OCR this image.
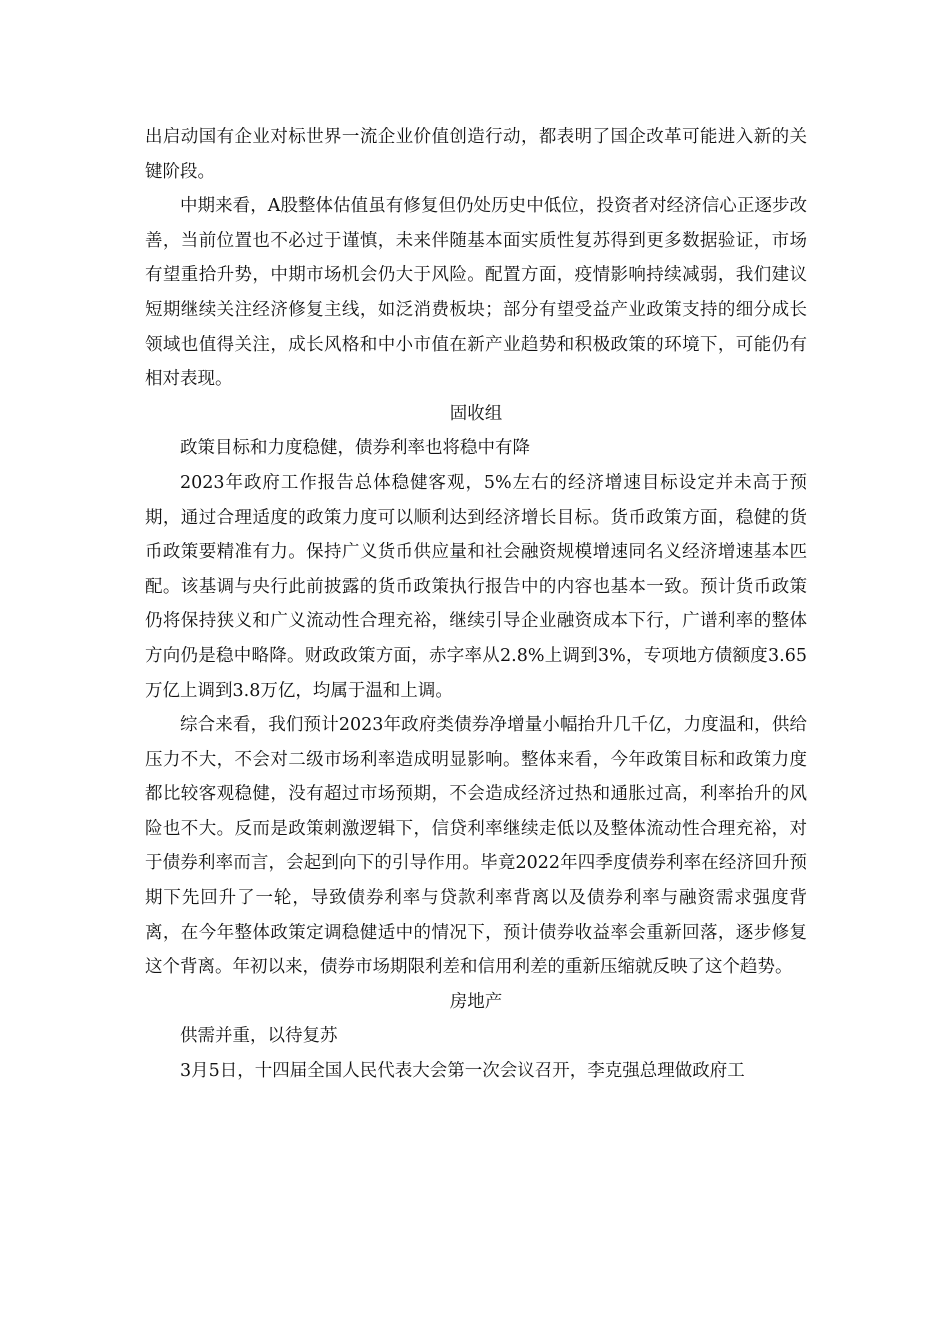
出启动国有企业对标世界一流企业价值创造行动，都表明了国企改革可能进入新的关键阶段。

中期来看，A股整体估值虽有修复但仍处历史中低位，投资者对经济信心正逐步改善，当前位置也不必过于谨慎，未来伴随基本面实质性复苏得到更多数据验证，市场有望重拾升势，中期市场机会仍大于风险。配置方面，疫情影响持续减弱，我们建议短期继续关注经济修复主线，如泛消费板块；部分有望受益产业政策支持的细分成长领域也值得关注，成长风格和中小市值在新产业趋势和积极政策的环境下，可能仍有相对表现。

固收组

政策目标和力度稳健，债券利率也将稳中有降

2023年政府工作报告总体稳健客观，5%左右的经济增速目标设定并未高于预期，通过合理适度的政策力度可以顺利达到经济增长目标。货币政策方面，稳健的货币政策要精准有力。保持广义货币供应量和社会融资规模增速同名义经济增速基本匹配。该基调与央行此前披露的货币政策执行报告中的内容也基本一致。预计货币政策仍将保持狭义和广义流动性合理充裕，继续引导企业融资成本下行，广谱利率的整体方向仍是稳中略降。财政政策方面，赤字率从2.8%上调到3%，专项地方债额度3.65万亿上调到3.8万亿，均属于温和上调。

综合来看，我们预计2023年政府类债券净增量小幅抬升几千亿，力度温和，供给压力不大，不会对二级市场利率造成明显影响。整体来看，今年政策目标和政策力度都比较客观稳健，没有超过市场预期，不会造成经济过热和通胀过高，利率抬升的风险也不大。反而是政策刺激逻辑下，信贷利率继续走低以及整体流动性合理充裕，对于债券利率而言，会起到向下的引导作用。毕竟2022年四季度债券利率在经济回升预期下先回升了一轮，导致债券利率与贷款利率背离以及债券利率与融资需求强度背离，在今年整体政策定调稳健适中的情况下，预计债券收益率会重新回落，逐步修复这个背离。年初以来，债券市场期限利差和信用利差的重新压缩就反映了这个趋势。

房地产

供需并重，以待复苏

3月5日，十四届全国人民代表大会第一次会议召开，李克强总理做政府工
